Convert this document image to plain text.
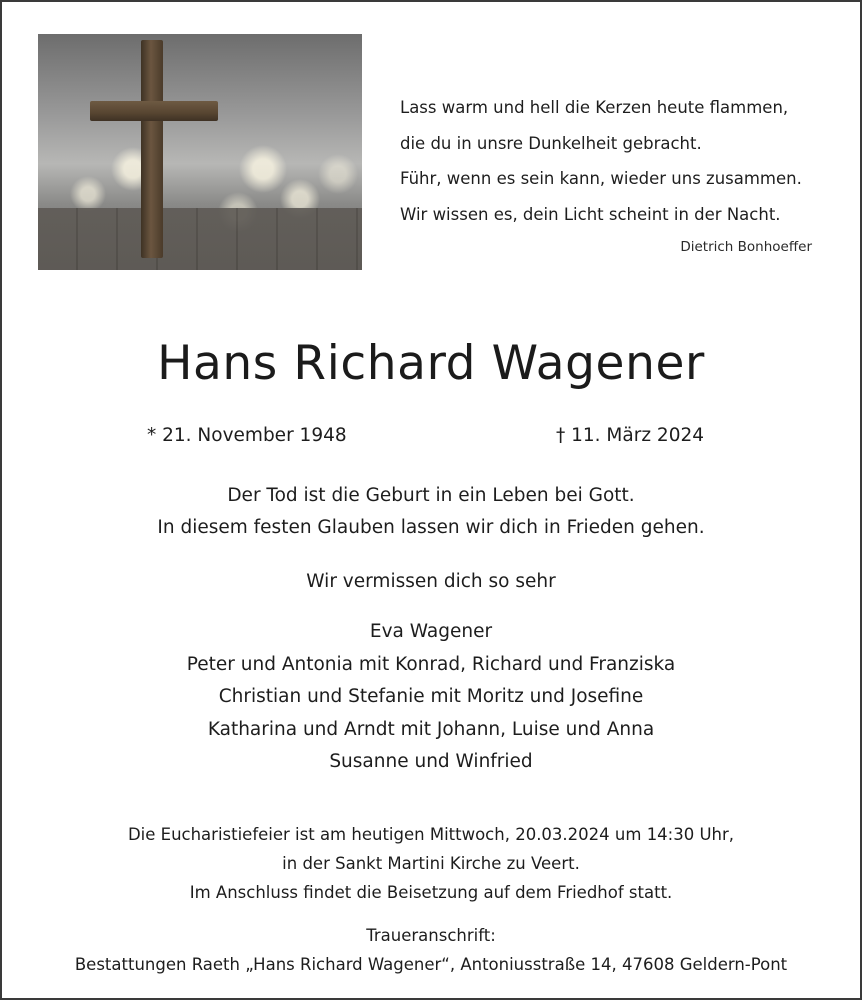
Lass warm und hell die Kerzen heute flammen,
die du in unsre Dunkelheit gebracht.
Führ, wenn es sein kann, wieder uns zusammen.
Wir wissen es, dein Licht scheint in der Nacht.
Dietrich Bonhoeffer
Hans Richard Wagener
* 21. November 1948	† 11. März 2024
Der Tod ist die Geburt in ein Leben bei Gott.
In diesem festen Glauben lassen wir dich in Frieden gehen.
Wir vermissen dich so sehr
Eva Wagener
Peter und Antonia mit Konrad, Richard und Franziska
Christian und Stefanie mit Moritz und Josefine
Katharina und Arndt mit Johann, Luise und Anna
Susanne und Winfried
Die Eucharistiefeier ist am heutigen Mittwoch, 20.03.2024 um 14:30 Uhr,
in der Sankt Martini Kirche zu Veert.
Im Anschluss findet die Beisetzung auf dem Friedhof statt.
Traueranschrift:
Bestattungen Raeth „Hans Richard Wagener“, Antoniusstraße 14, 47608 Geldern-Pont
